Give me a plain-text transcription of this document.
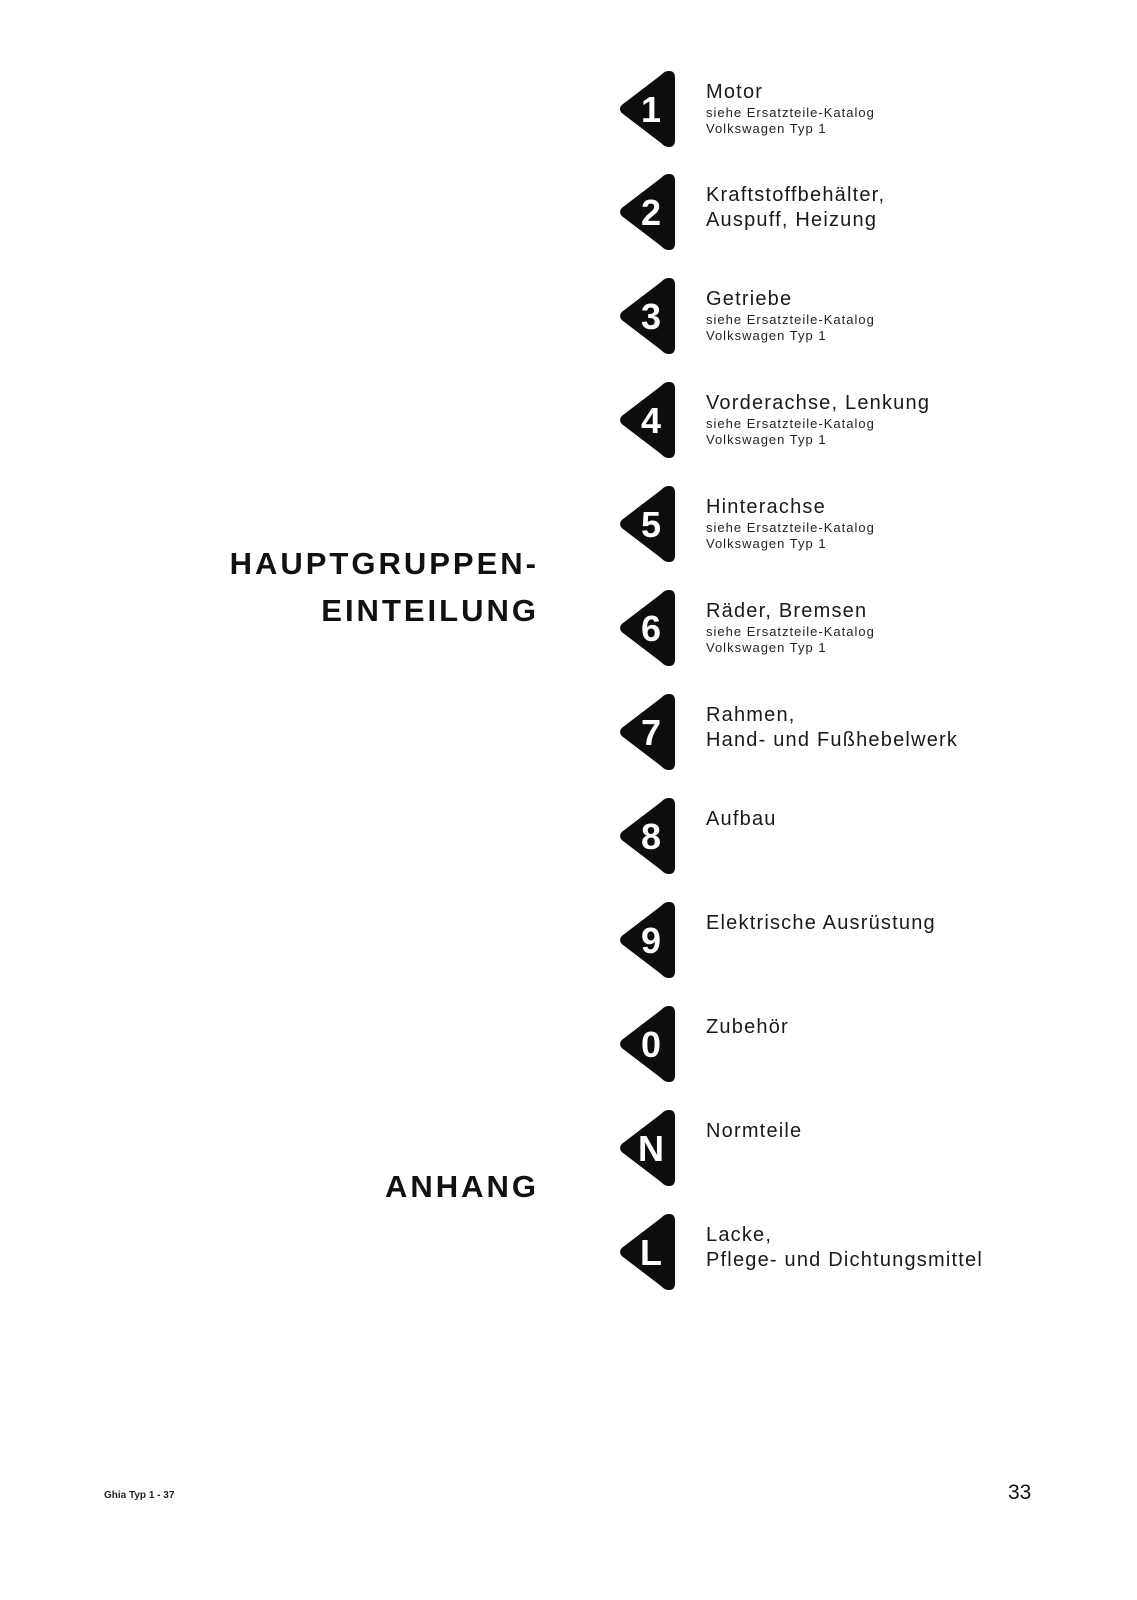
HAUPTGRUPPEN-
EINTEILUNG
ANHANG
1 Motor
siehe Ersatzteile-Katalog
Volkswagen Typ 1
2 Kraftstoffbehälter,
Auspuff, Heizung
3 Getriebe
siehe Ersatzteile-Katalog
Volkswagen Typ 1
4 Vorderachse, Lenkung
siehe Ersatzteile-Katalog
Volkswagen Typ 1
5 Hinterachse
siehe Ersatzteile-Katalog
Volkswagen Typ 1
6 Räder, Bremsen
siehe Ersatzteile-Katalog
Volkswagen Typ 1
7 Rahmen,
Hand- und Fußhebelwerk
8 Aufbau
9 Elektrische Ausrüstung
0 Zubehör
N Normteile
L Lacke,
Pflege- und Dichtungsmittel
Ghia Typ 1 - 37	33
